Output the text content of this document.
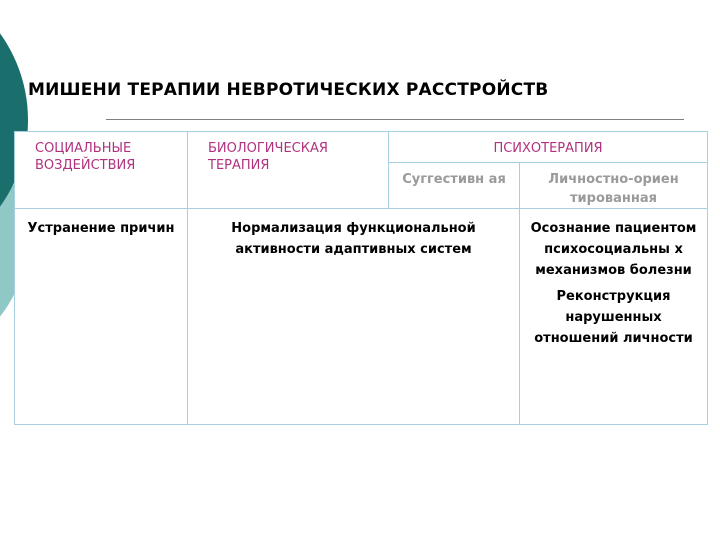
МИШЕНИ ТЕРАПИИ НЕВРОТИЧЕСКИХ РАССТРОЙСТВ
СОЦИАЛЬНЫЕ ВОЗДЕЙСТВИЯ	БИОЛОГИЧЕСКАЯ ТЕРАПИЯ	ПСИХОТЕРАПИЯ	
		Суггестивн ая	Личностно-ориен тированная
Устранение причин	Нормализация функциональной активности адаптивных систем		Осознание пациентом психосоциальны х механизмов болезни

Реконструкция нарушенных отношений личности
